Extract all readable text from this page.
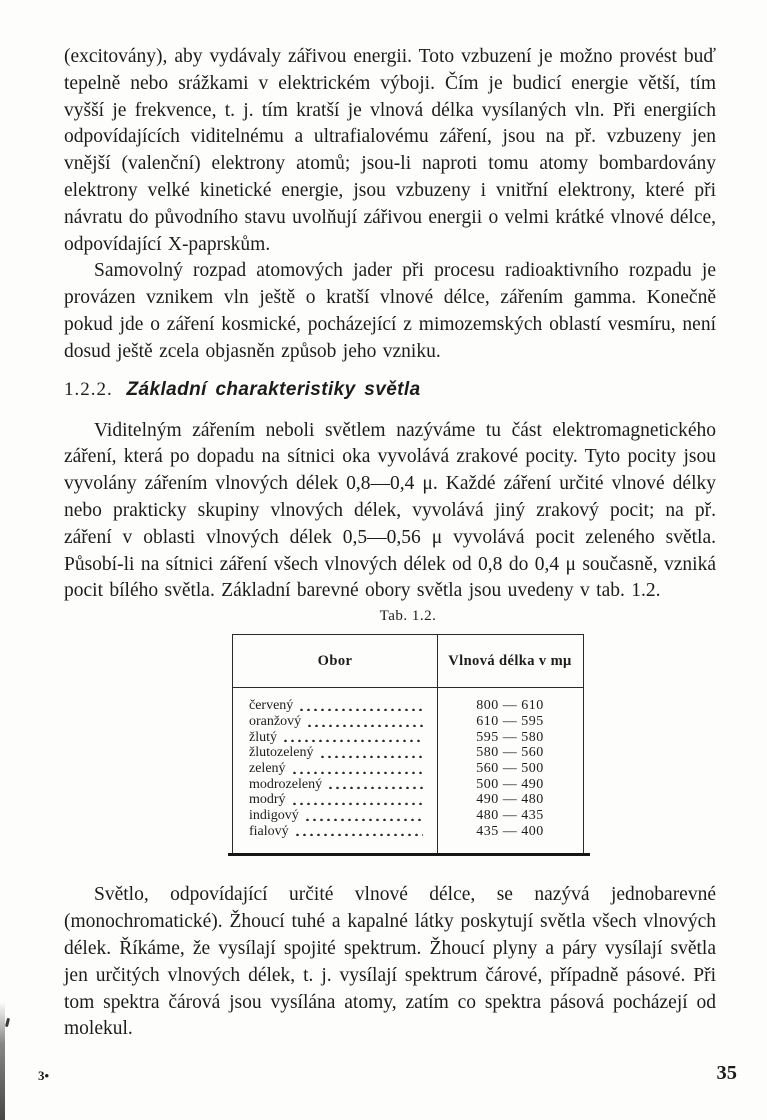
(excitovány), aby vydávaly zářivou energii. Toto vzbuzení je možno provést buď tepelně nebo srážkami v elektrickém výboji. Čím je budicí energie větší, tím vyšší je frekvence, t. j. tím kratší je vlnová délka vysílaných vln. Při energiích odpovídajících viditelnému a ultrafialovému záření, jsou na př. vzbuzeny jen vnější (valenční) elektrony atomů; jsou-li naproti tomu atomy bombardovány elektrony velké kinetické energie, jsou vzbuzeny i vnitřní elektrony, které při návratu do původního stavu uvolňují zářivou energii o velmi krátké vlnové délce, odpovídající X-paprskům.

Samovolný rozpad atomových jader při procesu radioaktivního rozpadu je provázen vznikem vln ještě o kratší vlnové délce, zářením gamma. Konečně pokud jde o záření kosmické, pocházející z mimozemských oblastí vesmíru, není dosud ještě zcela objasněn způsob jeho vzniku.

1.2.2. Základní charakteristiky světla

Viditelným zářením neboli světlem nazýváme tu část elektromagnetického záření, která po dopadu na sítnici oka vyvolává zrakové pocity. Tyto pocity jsou vyvolány zářením vlnových délek 0,8—0,4 μ. Každé záření určité vlnové délky nebo prakticky skupiny vlnových délek, vyvolává jiný zrakový pocit; na př. záření v oblasti vlnových délek 0,5—0,56 μ vyvolává pocit zeleného světla. Působí-li na sítnici záření všech vlnových délek od 0,8 do 0,4 μ současně, vzniká pocit bílého světla. Základní barevné obory světla jsou uvedeny v tab. 1.2.

Tab. 1.2.
Obor	Vlnová délka v mμ
červený	800 — 610
oranžový	610 — 595
žlutý	595 — 580
žlutozelený	580 — 560
zelený	560 — 500
modrozelený	500 — 490
modrý	490 — 480
indigový	480 — 435
fialový	435 — 400

Světlo, odpovídající určité vlnové délce, se nazývá jednobarevné (monochromatické). Žhoucí tuhé a kapalné látky poskytují světla všech vlnových délek. Říkáme, že vysílají spojité spektrum. Žhoucí plyny a páry vysílají světla jen určitých vlnových délek, t. j. vysílají spektrum čárové, případně pásové. Při tom spektra čárová jsou vysílána atomy, zatím co spektra pásová pocházejí od molekul.

3•	35
